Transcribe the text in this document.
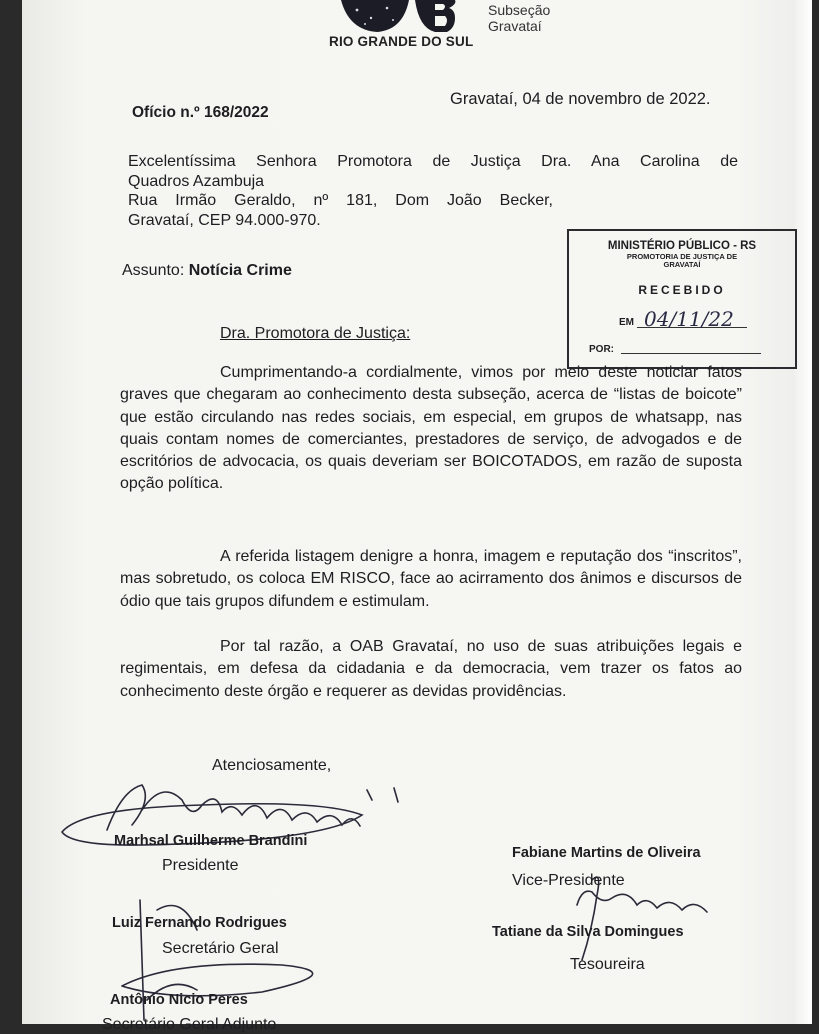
RIO GRANDE DO SUL
Subseção
Gravataí
Gravataí, 04 de novembro de 2022.
Ofício n.º 168/2022
Excelentíssima Senhora Promotora de Justiça Dra. Ana Carolina de
Quadros Azambuja
Rua Irmão Geraldo, nº 181, Dom João Becker,
Gravataí, CEP 94.000-970.
MINISTÉRIO PÚBLICO - RS
PROMOTORIA DE JUSTIÇA DE
GRAVATAÍ
RECEBIDO
EM 04/11/22
POR:
Assunto: Notícia Crime
Dra. Promotora de Justiça:
Cumprimentando-a cordialmente, vimos por meio deste noticiar fatos graves que chegaram ao conhecimento desta subseção, acerca de “listas de boicote” que estão circulando nas redes sociais, em especial, em grupos de whatsapp, nas quais contam nomes de comerciantes, prestadores de serviço, de advogados e de escritórios de advocacia, os quais deveriam ser BOICOTADOS, em razão de suposta opção política.
A referida listagem denigre a honra, imagem e reputação dos “inscritos”, mas sobretudo, os coloca EM RISCO, face ao acirramento dos ânimos e discursos de ódio que tais grupos difundem e estimulam.
Por tal razão, a OAB Gravataí, no uso de suas atribuições legais e regimentais, em defesa da cidadania e da democracia, vem trazer os fatos ao conhecimento deste órgão e requerer as devidas providências.
Atenciosamente,
Marhsal Guilherme Brandini
Presidente
Fabiane Martins de Oliveira
Vice-Presidente
Luiz Fernando Rodrigues
Secretário Geral
Tatiane da Silva Domingues
Tesoureira
Antônio Nicio Peres
Secretário Geral Adjunto
